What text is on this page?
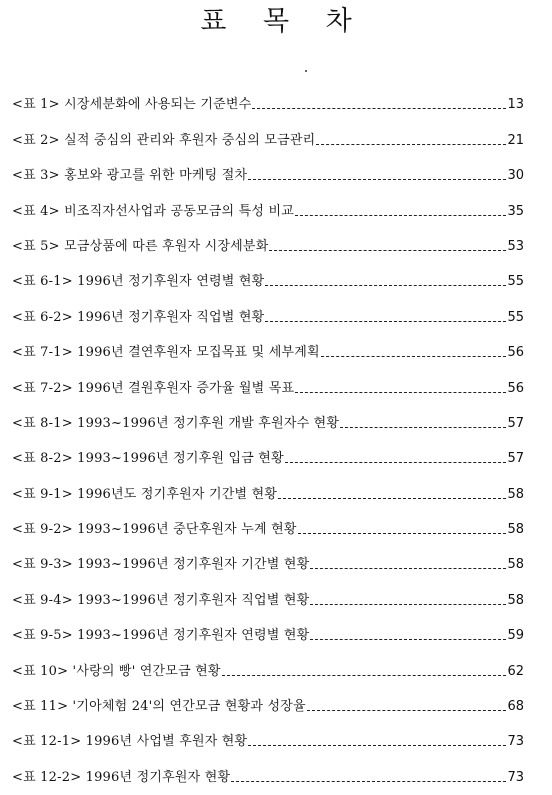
표 목 차
<표 1> 시장세분화에 사용되는 기준변수	13
<표 2> 실적 중심의 관리와 후원자 중심의 모금관리	21
<표 3> 홍보와 광고를 위한 마케팅 절차	30
<표 4> 비조직자선사업과 공동모금의 특성 비교	35
<표 5> 모금상품에 따른 후원자 시장세분화	53
<표 6-1> 1996년 정기후원자 연령별 현황	55
<표 6-2> 1996년 정기후원자 직업별 현황	55
<표 7-1> 1996년 결연후원자 모집목표 및 세부계획	56
<표 7-2> 1996년 결원후원자 증가율 월별 목표	56
<표 8-1> 1993~1996년 정기후원 개발 후원자수 현황	57
<표 8-2> 1993~1996년 정기후원 입금 현황	57
<표 9-1> 1996년도 정기후원자 기간별 현황	58
<표 9-2> 1993~1996년 중단후원자 누계 현황	58
<표 9-3> 1993~1996년 정기후원자 기간별 현황	58
<표 9-4> 1993~1996년 정기후원자 직업별 현황	58
<표 9-5> 1993~1996년 정기후원자 연령별 현황	59
<표 10> '사랑의 빵' 연간모금 현황	62
<표 11> '기아체험 24'의 연간모금 현황과 성장율	68
<표 12-1> 1996년 사업별 후원자 현황	73
<표 12-2> 1996년 정기후원자 현황	73
